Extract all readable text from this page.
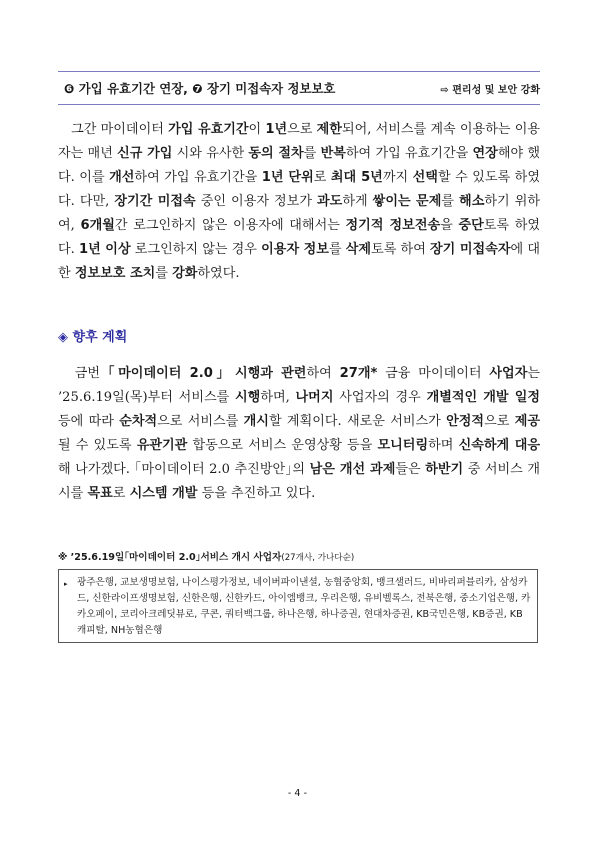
❻ 가입 유효기간 연장, ❼ 장기 미접속자 정보보호	⇨ 편리성 및 보안 강화
　그간 마이데이터 가입 유효기간이 1년으로 제한되어, 서비스를 계속 이용하는 이용자는 매년 신규 가입 시와 유사한 동의 절차를 반복하여 가입 유효기간을 연장해야 했다. 이를 개선하여 가입 유효기간을 1년 단위로 최대 5년까지 선택할 수 있도록 하였다. 다만, 장기간 미접속 중인 이용자 정보가 과도하게 쌓이는 문제를 해소하기 위하여, 6개월간 로그인하지 않은 이용자에 대해서는 정기적 정보전송을 중단토록 하였다. 1년 이상 로그인하지 않는 경우 이용자 정보를 삭제토록 하여 장기 미접속자에 대한 정보보호 조치를 강화하였다.
◈ 향후 계획
　금번 ｢마이데이터 2.0｣ 시행과 관련하여 27개* 금융 마이데이터 사업자는 ’25.6.19일(목)부터 서비스를 시행하며, 나머지 사업자의 경우 개별적인 개발 일정 등에 따라 순차적으로 서비스를 개시할 계획이다. 새로운 서비스가 안정적으로 제공될 수 있도록 유관기관 합동으로 서비스 운영상황 등을 모니터링하며 신속하게 대응해 나가겠다. ｢마이데이터 2.0 추진방안｣의 남은 개선 과제들은 하반기 중 서비스 개시를 목표로 시스템 개발 등을 추진하고 있다.
※ ’25.6.19일｢마이데이터 2.0｣서비스 개시 사업자(27개사, 가나다순)
▸ 광주은행, 교보생명보험, 나이스평가정보, 네이버파이낸셜, 농협중앙회, 뱅크샐러드, 비바리퍼블리카, 삼성카드, 신한라이프생명보험, 신한은행, 신한카드, 아이엠뱅크, 우리은행, 유비벨록스, 전북은행, 중소기업은행, 카카오페이, 코리아크레딧뷰로, 쿠콘, 쿼터백그룹, 하나은행, 하나증권, 현대차증권, KB국민은행, KB증권, KB캐피탈, NH농협은행
- 4 -
